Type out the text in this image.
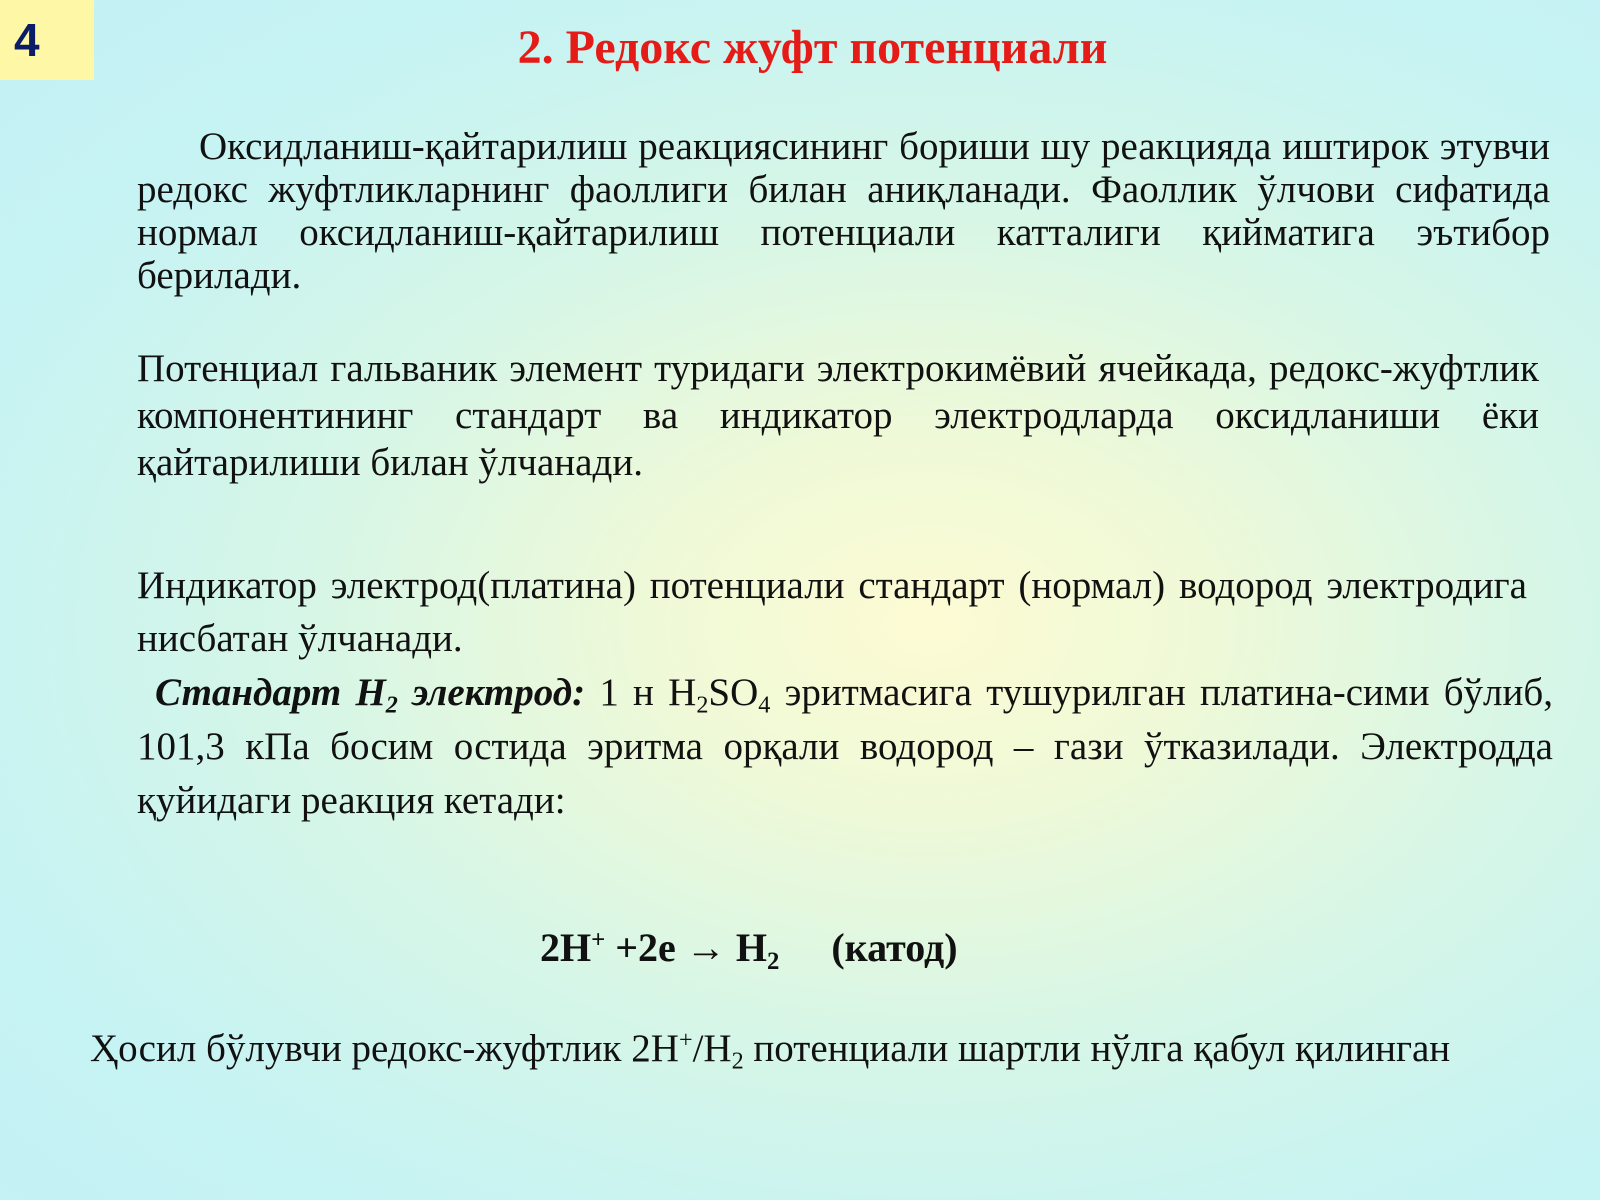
4	2. Редокс жуфт потенциали
Оксидланиш-қайтарилиш реакциясининг бориши шу реакцияда иштирок этувчи редокс жуфтликларнинг фаоллиги билан аниқланади. Фаоллик ўлчови сифатида нормал оксидланиш-қайтарилиш потенциали катталиги қийматига эътибор берилади.
Потенциал гальваник элемент туридаги электрокимёвий ячейкада, редокс-жуфтлик компонентининг стандарт ва индикатор электродларда оксидланиши ёки қайтарилиши билан ўлчанади.
Индикатор электрод(платина) потенциали стандарт (нормал) водород электродига нисбатан ўлчанади.
Стандарт $Н_2$ электрод: 1 н $Н_2SO_4$ эритмасига тушурилган платина-сими бўлиб, 101,3 кПа босим остида эритма орқали водород – гази ўтказилади. Электродда қуйидаги реакция кетади:
$2Н^+ +2е \to Н_2$ (катод)
Ҳосил бўлувчи редокс-жуфтлик $2Н^+/Н_2$ потенциали шартли нўлга қабул қилинган
